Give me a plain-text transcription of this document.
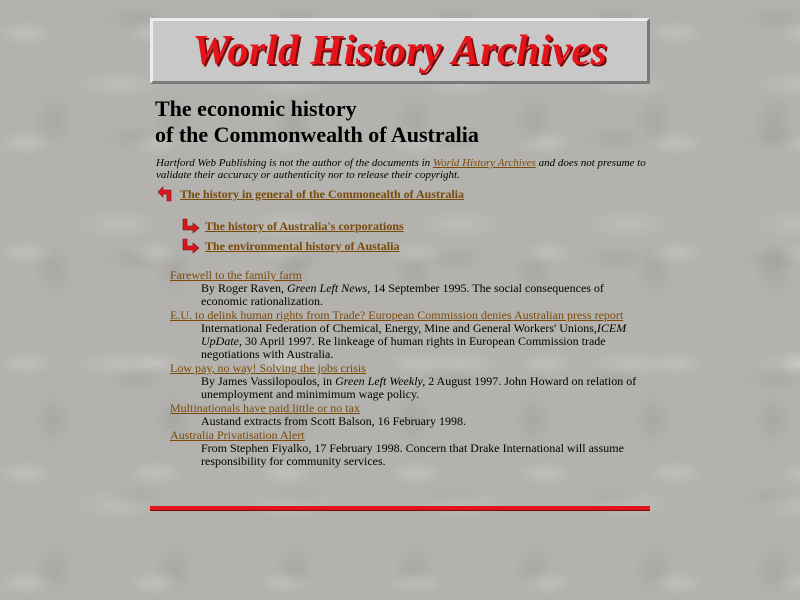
World History Archives
The economic history
of the Commonwealth of Australia
Hartford Web Publishing is not the author of the documents in World History Archives and does not presume to validate their accuracy or authenticity nor to release their copyright.
The history in general of the Commonealth of Australia
The history of Australia's corporations
The environmental history of Austalia
Farewell to the family farm
By Roger Raven, Green Left News, 14 September 1995. The social consequences of economic rationalization.
E.U. to delink human rights from Trade? European Commission denies Australian press report
International Federation of Chemical, Energy, Mine and General Workers' Unions,ICEM UpDate, 30 April 1997. Re linkeage of human rights in European Commission trade negotiations with Australia.
Low pay, no way! Solving the jobs crisis
By James Vassilopoulos, in Green Left Weekly, 2 August 1997. John Howard on relation of unemployment and minimimum wage policy.
Multinationals have paid little or no tax
Austand extracts from Scott Balson, 16 February 1998.
Australia Privatisation Alert
From Stephen Fiyalko, 17 February 1998. Concern that Drake International will assume responsibility for community services.
